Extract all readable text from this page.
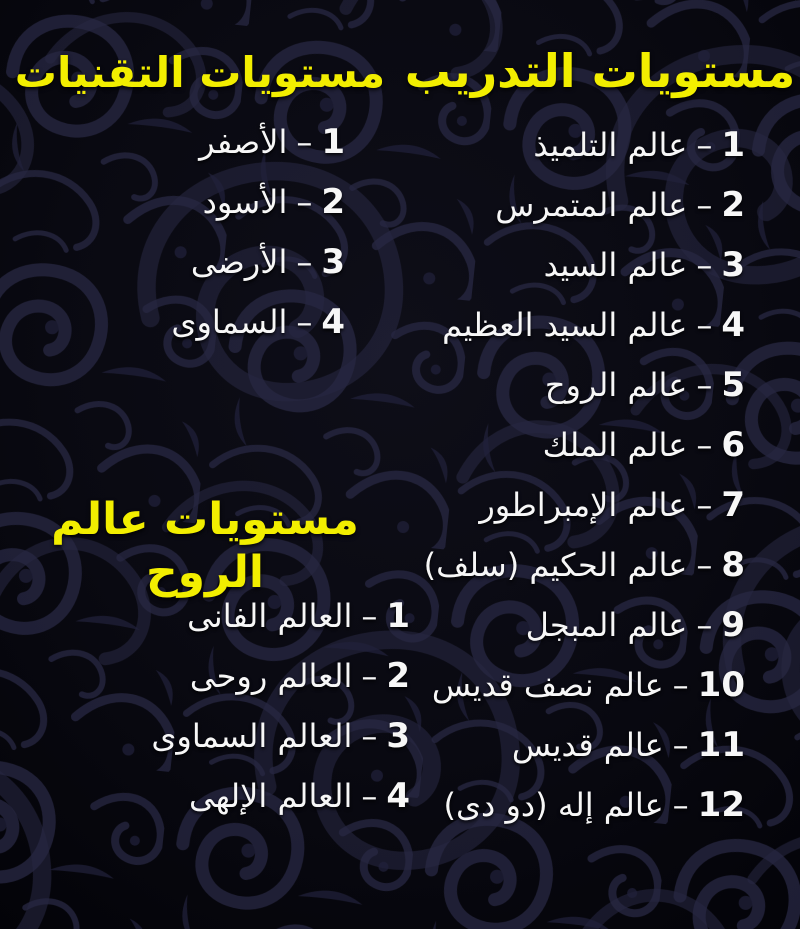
مستويات التدريب
1
–
عالم التلميذ
2
–
عالم المتمرس
3
–
عالم السيد
4
–
عالم السيد العظيم
5
–
عالم الروح
6
–
عالم الملك
7
–
عالم الإمبراطور
8
–
عالم الحكيم (سلف)
9
–
عالم المبجل
10
–
عالم نصف قديس
11
–
عالم قديس
12
–
عالم إله (دو دى)
مستويات التقنيات
1
–
الأصفر
2
–
الأسود
3
–
الأرضى
4
–
السماوى
مستويات عالم الروح
1
–
العالم الفانى
2
–
العالم روحى
3
–
العالم السماوى
4
–
العالم الإلهى
